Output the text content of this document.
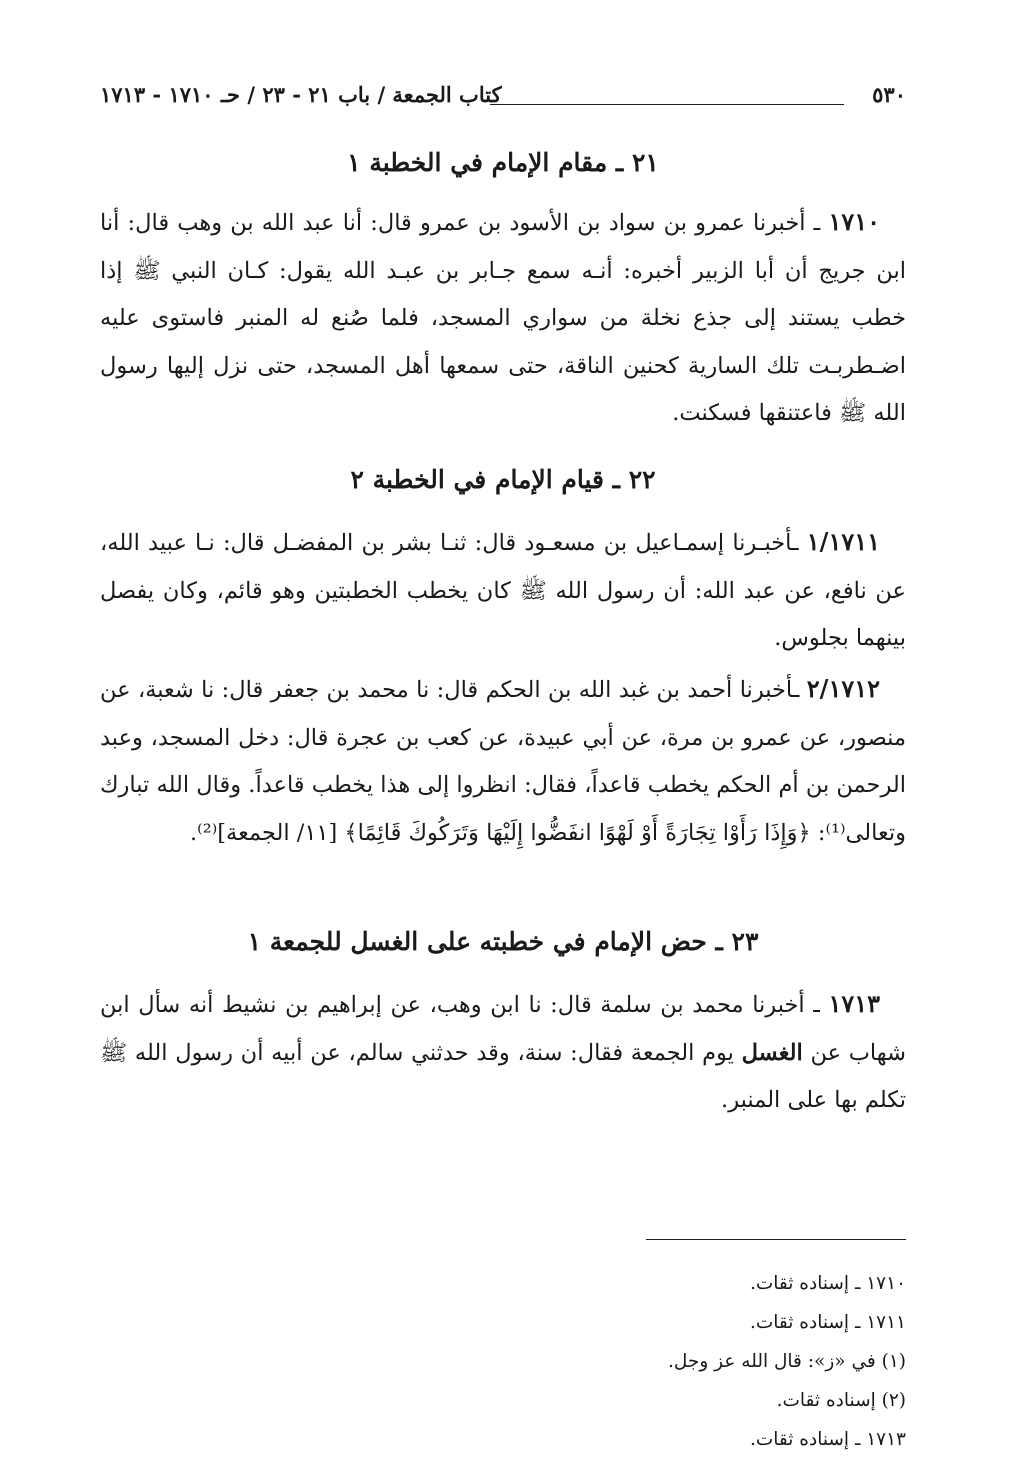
٥٣٠
كتاب الجمعة / باب ٢١ - ٢٣ / حـ ١٧١٠ - ١٧١٣
٢١ ـ مقام الإمام في الخطبة ١
١٧١٠ ـ أخبرنا عمرو بن سواد بن الأسود بن عمرو قال: أنا عبد الله بن وهب قال: أنا ابن جريج أن أبا الزبير أخبره: أنـه سمع جـابر بن عبـد الله يقول: كـان النبي ﷺ إذا خطب يستند إلى جذع نخلة من سواري المسجد، فلما صُنع له المنبر فاستوى عليه اضـطربـت تلك السارية كحنين الناقة، حتى سمعها أهل المسجد، حتى نزل إليها رسول الله ﷺ فاعتنقها فسكنت.
٢٢ ـ قيام الإمام في الخطبة ٢
١/١٧١١ ـأخبـرنا إسمـاعيل بن مسعـود قال: ثنـا بشر بن المفضـل قال: نـا عبيد الله، عن نافع، عن عبد الله: أن رسول الله ﷺ كان يخطب الخطبتين وهو قائم، وكان يفصل بينهما بجلوس.
٢/١٧١٢ ـأخبرنا أحمد بن غبد الله بن الحكم قال: نا محمد بن جعفر قال: نا شعبة، عن منصور، عن عمرو بن مرة، عن أبي عبيدة، عن كعب بن عجرة قال: دخل المسجد، وعبد الرحمن بن أم الحكم يخطب قاعداً، فقال: انظروا إلى هذا يخطب قاعداً. وقال الله تبارك وتعالى⁽¹⁾: ﴿وَإِذَا رَأَوْا تِجَارَةً أَوْ لَهْوًا انفَضُّوا إِلَيْهَا وَتَرَكُوكَ قَائِمًا﴾ [١١/ الجمعة]⁽²⁾.
٢٣ ـ حض الإمام في خطبته على الغسل للجمعة ١
١٧١٣ ـ أخبرنا محمد بن سلمة قال: نا ابن وهب، عن إبراهيم بن نشيط أنه سأل ابن شهاب عن الغسل يوم الجمعة فقال: سنة، وقد حدثني سالم، عن أبيه أن رسول الله ﷺ تكلم بها على المنبر.
١٧١٠ ـ إسناده ثقات.
١٧١١ ـ إسناده ثقات.
(١) في «ز»: قال الله عز وجل.
(٢) إسناده ثقات.
١٧١٣ ـ إسناده ثقات.
